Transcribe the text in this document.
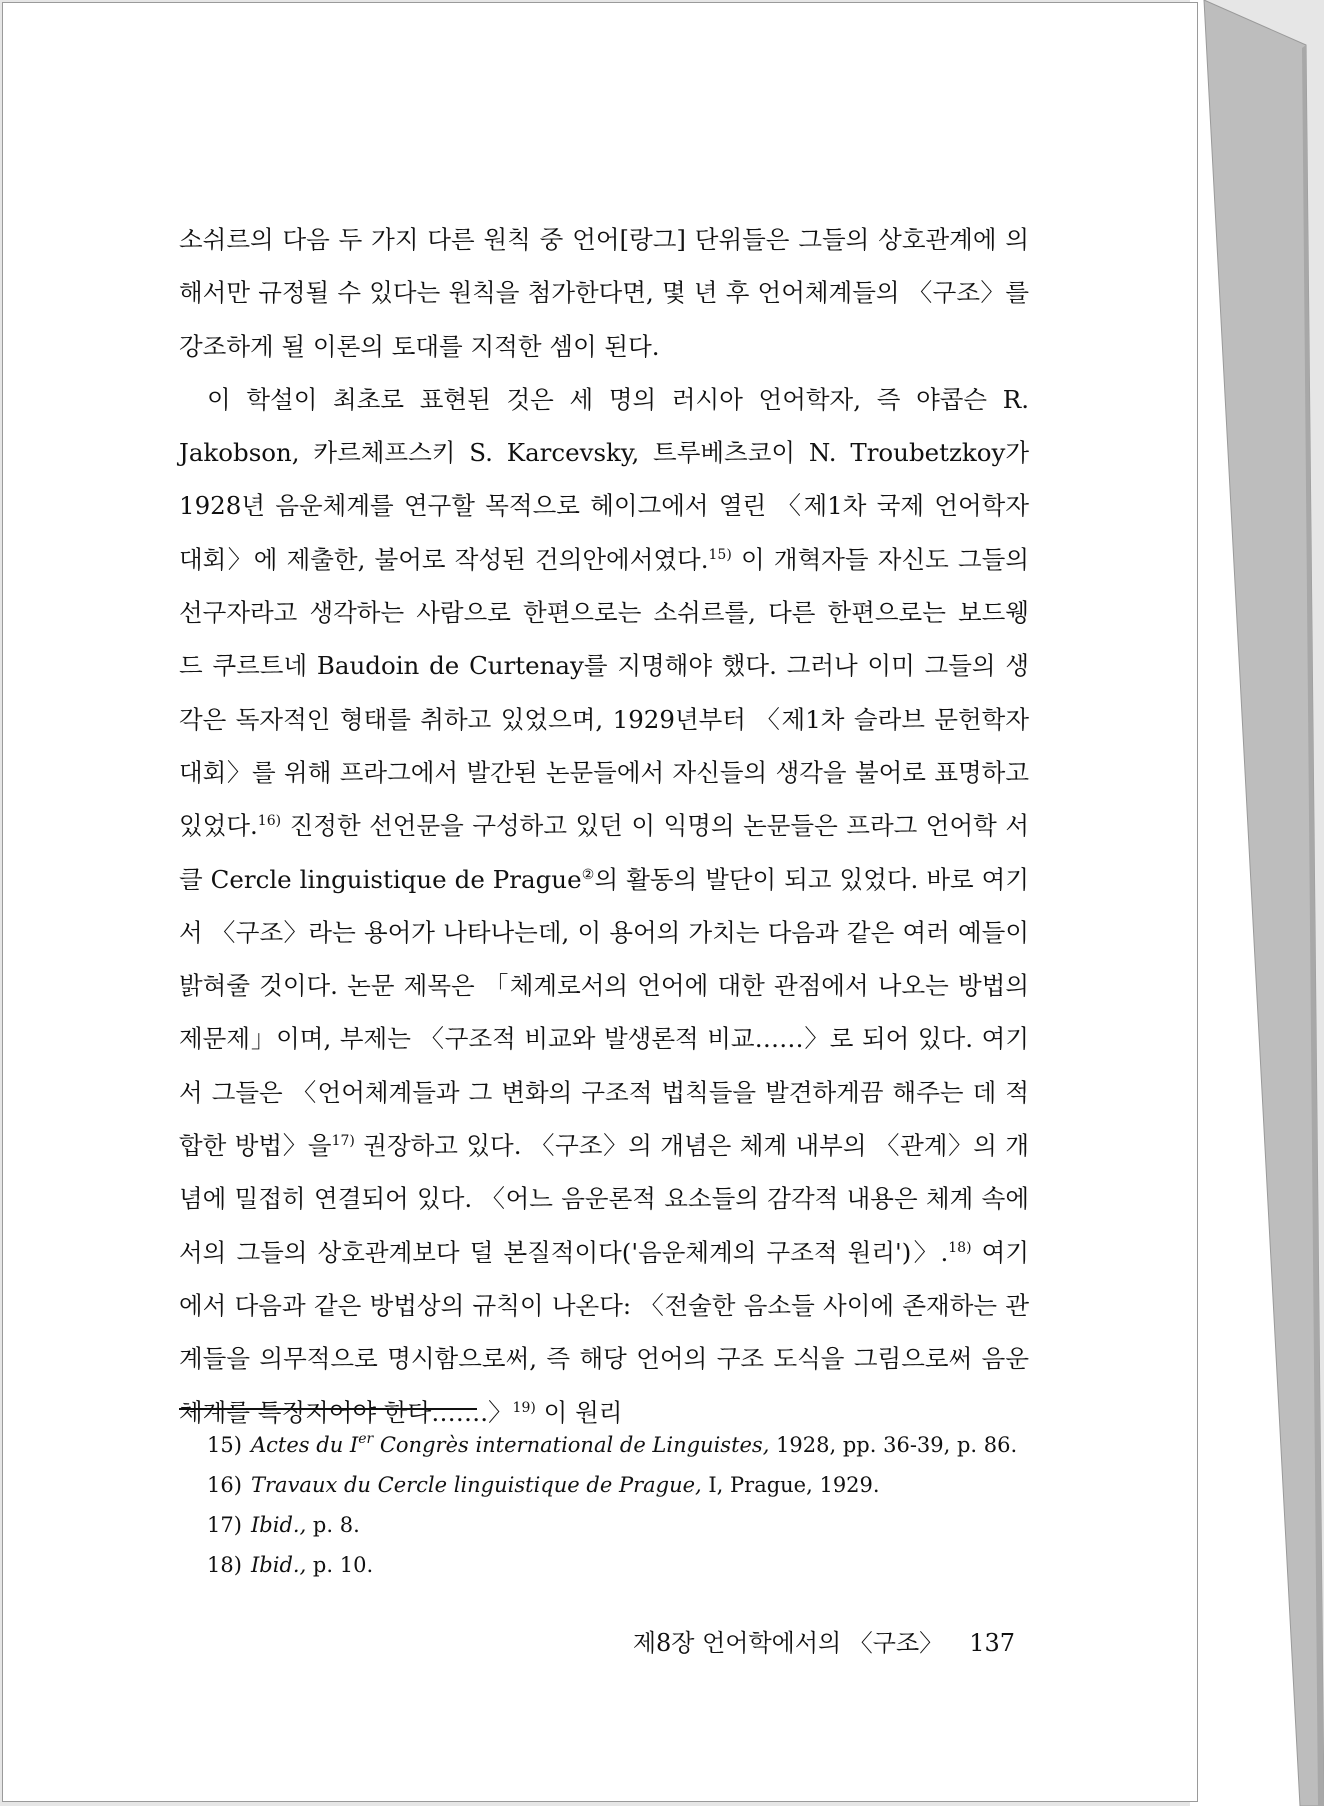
소쉬르의 다음 두 가지 다른 원칙 중 언어[랑그] 단위들은 그들의 상호관계에 의해서만 규정될 수 있다는 원칙을 첨가한다면, 몇 년 후 언어체계들의 〈구조〉를 강조하게 될 이론의 토대를 지적한 셈이 된다.

이 학설이 최초로 표현된 것은 세 명의 러시아 언어학자, 즉 야콥슨 R. Jakobson, 카르체프스키 S. Karcevsky, 트루베츠코이 N. Troubetzkoy가 1928년 음운체계를 연구할 목적으로 헤이그에서 열린 〈제1차 국제 언어학자 대회〉에 제출한, 불어로 작성된 건의안에서였다.$^{15)}$ 이 개혁자들 자신도 그들의 선구자라고 생각하는 사람으로 한편으로는 소쉬르를, 다른 한편으로는 보드웽 드 쿠르트네 Baudoin de Curtenay를 지명해야 했다. 그러나 이미 그들의 생각은 독자적인 형태를 취하고 있었으며, 1929년부터 〈제1차 슬라브 문헌학자 대회〉를 위해 프라그에서 발간된 논문들에서 자신들의 생각을 불어로 표명하고 있었다.$^{16)}$ 진정한 선언문을 구성하고 있던 이 익명의 논문들은 프라그 언어학 서클 Cercle linguistique de Prague②의 활동의 발단이 되고 있었다. 바로 여기서 〈구조〉라는 용어가 나타나는데, 이 용어의 가치는 다음과 같은 여러 예들이 밝혀줄 것이다. 논문 제목은 「체계로서의 언어에 대한 관점에서 나오는 방법의 제문제」이며, 부제는 〈구조적 비교와 발생론적 비교……〉로 되어 있다. 여기서 그들은 〈언어체계들과 그 변화의 구조적 법칙들을 발견하게끔 해주는 데 적합한 방법〉을$^{17)}$ 권장하고 있다. 〈구조〉의 개념은 체계 내부의 〈관계〉의 개념에 밀접히 연결되어 있다. 〈어느 음운론적 요소들의 감각적 내용은 체계 속에서의 그들의 상호관계보다 덜 본질적이다('음운체계의 구조적 원리')〉.$^{18)}$ 여기에서 다음과 같은 방법상의 규칙이 나온다: 〈전술한 음소들 사이에 존재하는 관계들을 의무적으로 명시함으로써, 즉 해당 언어의 구조 도식을 그림으로써 음운체계를 특징지어야 한다…….〉$^{19)}$ 이 원리

15) Actes du Ier Congrès international de Linguistes, 1928, pp. 36-39, p. 86.
16) Travaux du Cercle linguistique de Prague, I, Prague, 1929.
17) Ibid., p. 8.
18) Ibid., p. 10.
제8장 언어학에서의 〈구조〉 137
